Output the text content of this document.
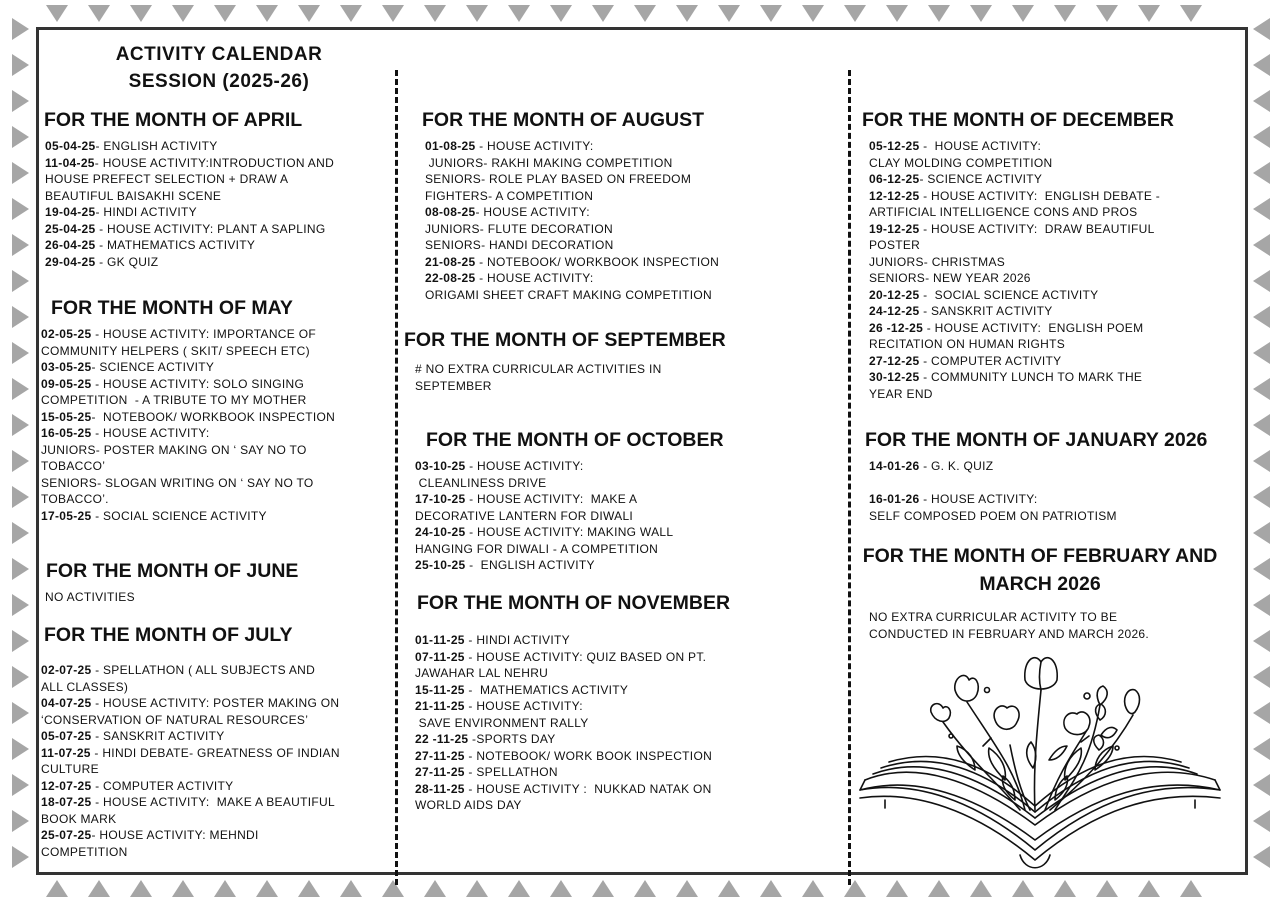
ACTIVITY CALENDAR
SESSION (2025-26)
FOR THE MONTH OF APRIL
05-04-25- ENGLISH ACTIVITY
11-04-25- HOUSE ACTIVITY:INTRODUCTION AND
HOUSE PREFECT SELECTION + DRAW A
BEAUTIFUL BAISAKHI SCENE
19-04-25- HINDI ACTIVITY
25-04-25 - HOUSE ACTIVITY: PLANT A SAPLING
26-04-25 - MATHEMATICS ACTIVITY
29-04-25 - GK QUIZ
FOR THE MONTH OF MAY
02-05-25 - HOUSE ACTIVITY: IMPORTANCE OF
COMMUNITY HELPERS ( SKIT/ SPEECH ETC)
03-05-25- SCIENCE ACTIVITY
09-05-25 - HOUSE ACTIVITY: SOLO SINGING
COMPETITION  - A TRIBUTE TO MY MOTHER
15-05-25-  NOTEBOOK/ WORKBOOK INSPECTION
16-05-25 - HOUSE ACTIVITY:
JUNIORS- POSTER MAKING ON ‘ SAY NO TO
TOBACCO’
SENIORS- SLOGAN WRITING ON ‘ SAY NO TO
TOBACCO’.
17-05-25 - SOCIAL SCIENCE ACTIVITY
FOR THE MONTH OF JUNE
NO ACTIVITIES
FOR THE MONTH OF JULY
02-07-25 - SPELLATHON ( ALL SUBJECTS AND
ALL CLASSES)
04-07-25 - HOUSE ACTIVITY: POSTER MAKING ON
‘CONSERVATION OF NATURAL RESOURCES’
05-07-25 - SANSKRIT ACTIVITY
11-07-25 - HINDI DEBATE- GREATNESS OF INDIAN
CULTURE
12-07-25 - COMPUTER ACTIVITY
18-07-25 - HOUSE ACTIVITY:  MAKE A BEAUTIFUL
BOOK MARK
25-07-25- HOUSE ACTIVITY: MEHNDI
COMPETITION
FOR THE MONTH OF AUGUST
01-08-25 - HOUSE ACTIVITY:
JUNIORS- RAKHI MAKING COMPETITION
SENIORS- ROLE PLAY BASED ON FREEDOM
FIGHTERS- A COMPETITION
08-08-25- HOUSE ACTIVITY:
JUNIORS- FLUTE DECORATION
SENIORS- HANDI DECORATION
21-08-25 - NOTEBOOK/ WORKBOOK INSPECTION
22-08-25 - HOUSE ACTIVITY:
ORIGAMI SHEET CRAFT MAKING COMPETITION
FOR THE MONTH OF SEPTEMBER
# NO EXTRA CURRICULAR ACTIVITIES IN
SEPTEMBER
FOR THE MONTH OF OCTOBER
03-10-25 - HOUSE ACTIVITY:
CLEANLINESS DRIVE
17-10-25 - HOUSE ACTIVITY:  MAKE A
DECORATIVE LANTERN FOR DIWALI
24-10-25 - HOUSE ACTIVITY: MAKING WALL
HANGING FOR DIWALI - A COMPETITION
25-10-25 -  ENGLISH ACTIVITY
FOR THE MONTH OF NOVEMBER
01-11-25 - HINDI ACTIVITY
07-11-25 - HOUSE ACTIVITY: QUIZ BASED ON PT.
JAWAHAR LAL NEHRU
15-11-25 -  MATHEMATICS ACTIVITY
21-11-25 - HOUSE ACTIVITY:
SAVE ENVIRONMENT RALLY
22 -11-25 -SPORTS DAY
27-11-25 - NOTEBOOK/ WORK BOOK INSPECTION
27-11-25 - SPELLATHON
28-11-25 - HOUSE ACTIVITY :  NUKKAD NATAK ON
WORLD AIDS DAY
FOR THE MONTH OF DECEMBER
05-12-25 -  HOUSE ACTIVITY:
CLAY MOLDING COMPETITION
06-12-25- SCIENCE ACTIVITY
12-12-25 - HOUSE ACTIVITY:  ENGLISH DEBATE -
ARTIFICIAL INTELLIGENCE CONS AND PROS
19-12-25 - HOUSE ACTIVITY:  DRAW BEAUTIFUL
POSTER
JUNIORS- CHRISTMAS
SENIORS- NEW YEAR 2026
20-12-25 -  SOCIAL SCIENCE ACTIVITY
24-12-25 - SANSKRIT ACTIVITY
26 -12-25 - HOUSE ACTIVITY:  ENGLISH POEM
RECITATION ON HUMAN RIGHTS
27-12-25 - COMPUTER ACTIVITY
30-12-25 - COMMUNITY LUNCH TO MARK THE
YEAR END
FOR THE MONTH OF JANUARY 2026
14-01-26 - G. K. QUIZ

16-01-26 - HOUSE ACTIVITY:
SELF COMPOSED POEM ON PATRIOTISM
FOR THE MONTH OF FEBRUARY AND
MARCH 2026
NO EXTRA CURRICULAR ACTIVITY TO BE
CONDUCTED IN FEBRUARY AND MARCH 2026.
